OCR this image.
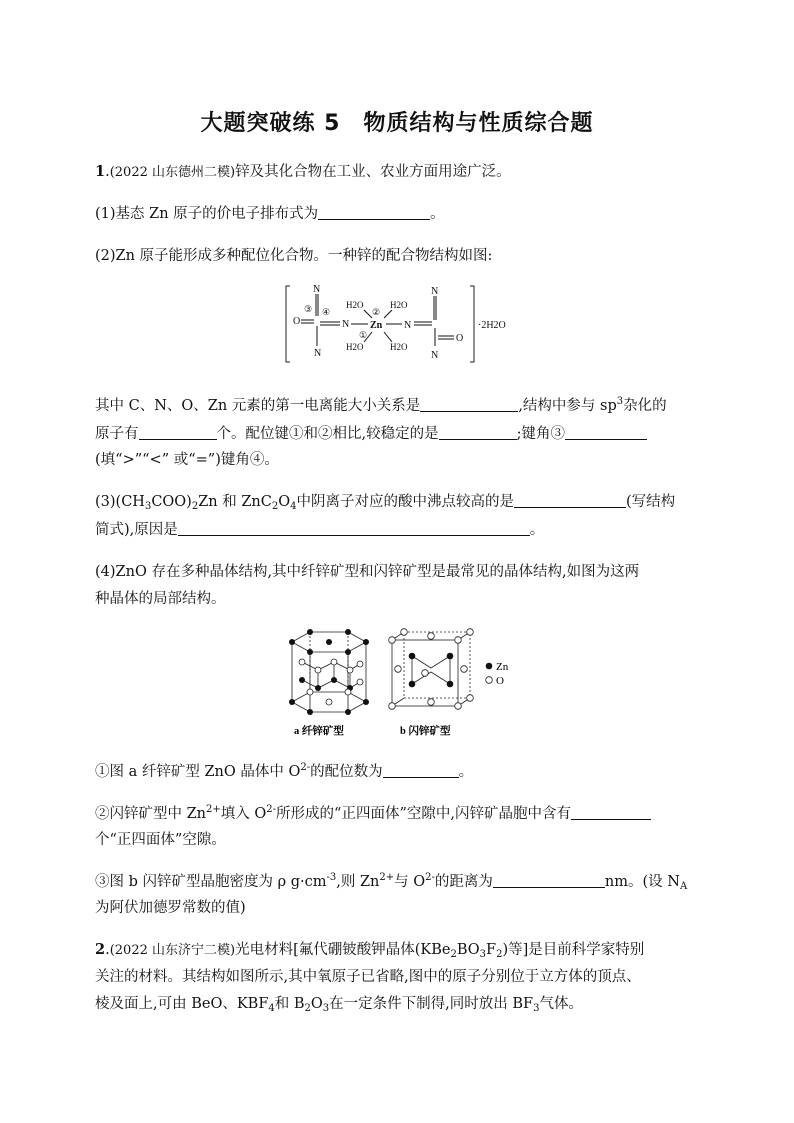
大题突破练 5　物质结构与性质综合题
1.(2022 山东德州二模)锌及其化合物在工业、农业方面用途广泛。
(1)基态 Zn 原子的价电子排布式为	。
(2)Zn 原子能形成多种配位化合物。一种锌的配合物结构如图:
O
N
N
N
③ ④
Zn N
H2O	H2O
H2O	H2O
②
①
N
N
O
·2H2O
其中 C、N、O、Zn 元素的第一电离能大小关系是	,结构中参与 $sp^3$杂化的
原子有	个。配位键①和②相比,较稳定的是	;键角③
(填“>”“<” 或“=”)键角④。
$(3)(CH_3COO)_2Zn$ 和 $ZnC_2O_4$中阴离子对应的酸中沸点较高的是	(写结构
简式),原因是	。
(4)ZnO 存在多种晶体结构,其中纤锌矿型和闪锌矿型是最常见的晶体结构,如图为这两
种晶体的局部结构。
Zn
O
a 纤锌矿型	b 闪锌矿型
①图 a 纤锌矿型 ZnO 晶体中 $O^{2-}$的配位数为	。
②闪锌矿型中 $Zn^{2+}$填入 $O^{2-}$所形成的“正四面体”空隙中,闪锌矿晶胞中含有
个“正四面体”空隙。
③图 b 闪锌矿型晶胞密度为 ρ $g\cdot cm^{-3}$,则 $Zn^{2+}$与 $O^{2-}$的距离为	nm。(设 $N_A$
为阿伏加德罗常数的值)
2.(2022 山东济宁二模)光电材料[氟代硼铍酸钾晶体$(KBe_2BO_3F_2)$等]是目前科学家特别
关注的材料。其结构如图所示,其中氧原子已省略,图中的原子分别位于立方体的顶点、
棱及面上,可由 BeO、$KBF_4$和 $B_2O_3$在一定条件下制得,同时放出 $BF_3$气体。
